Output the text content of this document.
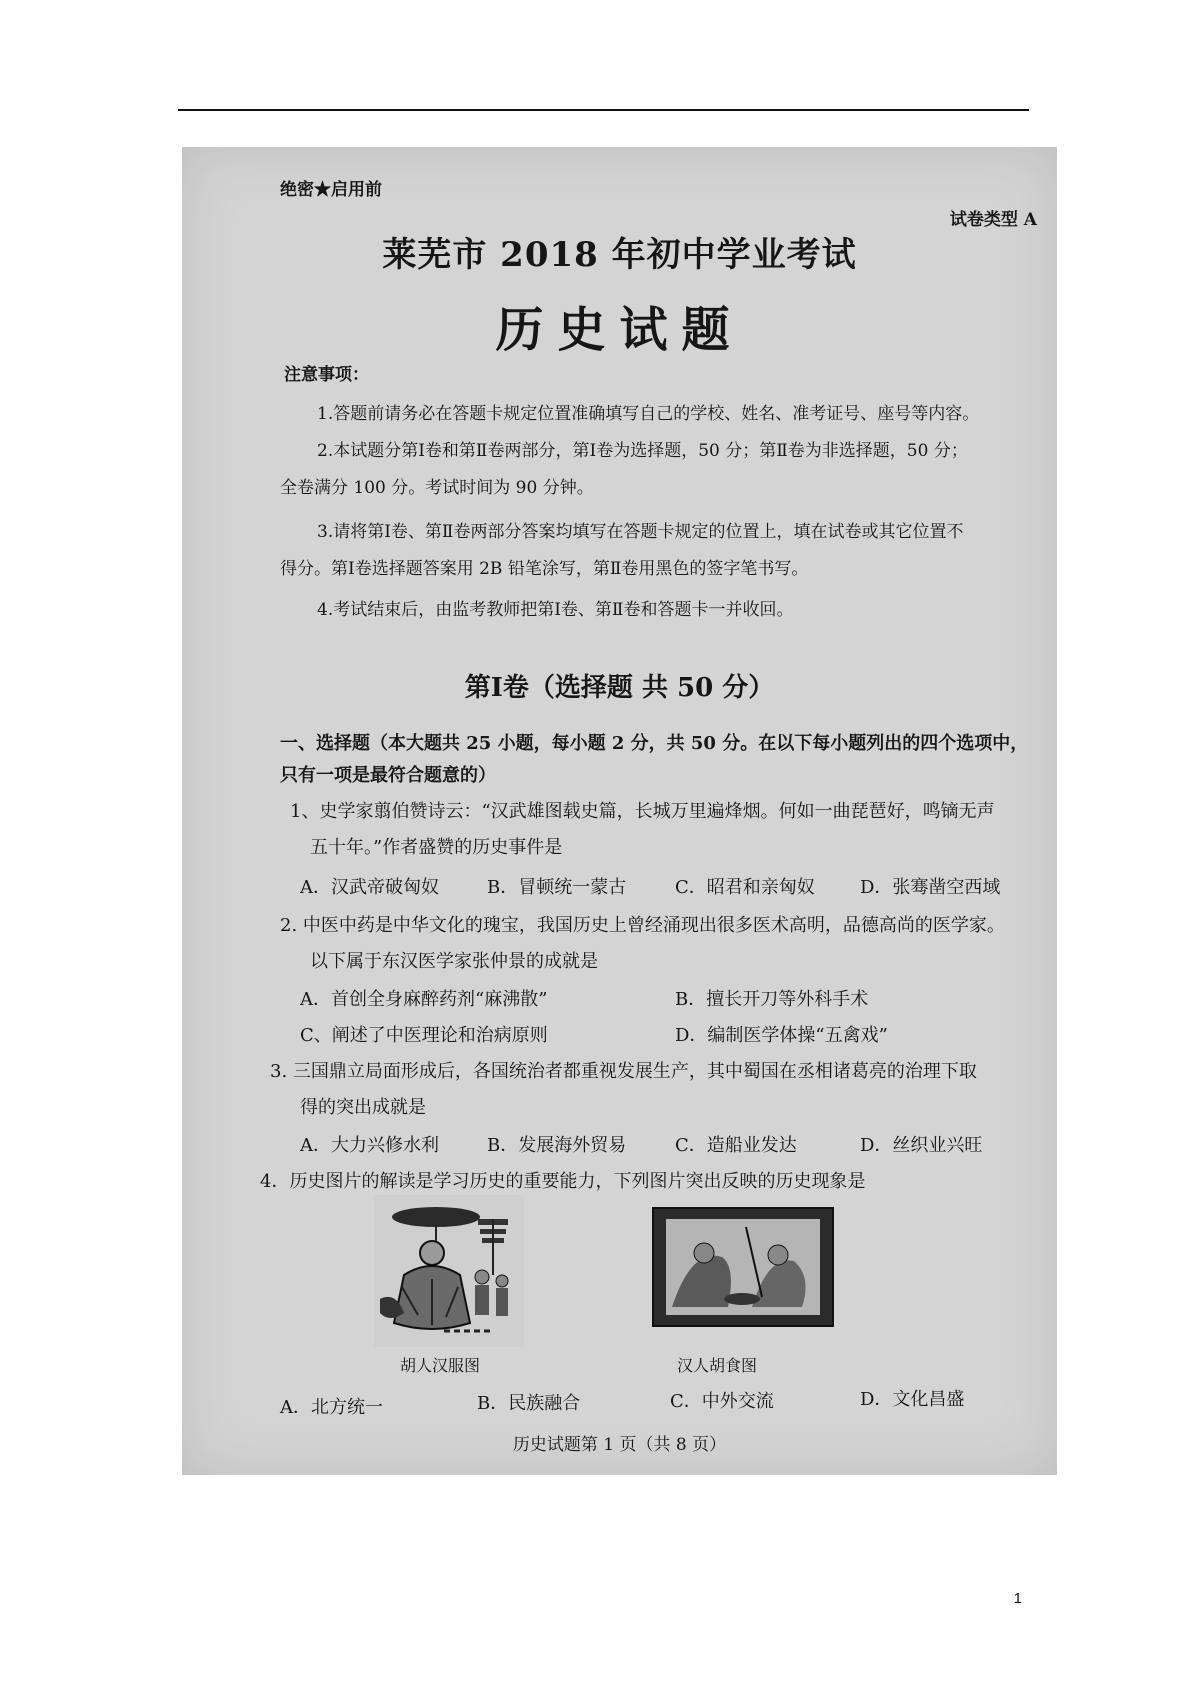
绝密★启用前
试卷类型 A
莱芜市 2018 年初中学业考试
历史试题
注意事项：
1.答题前请务必在答题卡规定位置准确填写自己的学校、姓名、准考证号、座号等内容。
2.本试题分第Ⅰ卷和第Ⅱ卷两部分，第Ⅰ卷为选择题，50 分；第Ⅱ卷为非选择题，50 分；
全卷满分 100 分。考试时间为 90 分钟。
3.请将第Ⅰ卷、第Ⅱ卷两部分答案均填写在答题卡规定的位置上，填在试卷或其它位置不
得分。第Ⅰ卷选择题答案用 2B 铅笔涂写，第Ⅱ卷用黑色的签字笔书写。
4.考试结束后，由监考教师把第Ⅰ卷、第Ⅱ卷和答题卡一并收回。
第Ⅰ卷（选择题 共 50 分）
一、选择题（本大题共 25 小题，每小题 2 分，共 50 分。在以下每小题列出的四个选项中，
只有一项是最符合题意的）
1、史学家翦伯赞诗云：“汉武雄图载史篇，长城万里遍烽烟。何如一曲琵琶好，鸣镝无声
五十年。”作者盛赞的历史事件是
A．汉武帝破匈奴	B．冒顿统一蒙古	C．昭君和亲匈奴	D．张骞凿空西域
2. 中医中药是中华文化的瑰宝，我国历史上曾经涌现出很多医术高明，品德高尚的医学家。
以下属于东汉医学家张仲景的成就是
A．首创全身麻醉药剂“麻沸散”	B．擅长开刀等外科手术
C、阐述了中医理论和治病原则	D．编制医学体操“五禽戏”
3. 三国鼎立局面形成后，各国统治者都重视发展生产，其中蜀国在丞相诸葛亮的治理下取
得的突出成就是
A．大力兴修水利	B．发展海外贸易	C．造船业发达	D．丝织业兴旺
4．历史图片的解读是学习历史的重要能力，下列图片突出反映的历史现象是
胡人汉服图	汉人胡食图
A．北方统一	B．民族融合	C．中外交流	D．文化昌盛
历史试题第 1 页（共 8 页）
1
